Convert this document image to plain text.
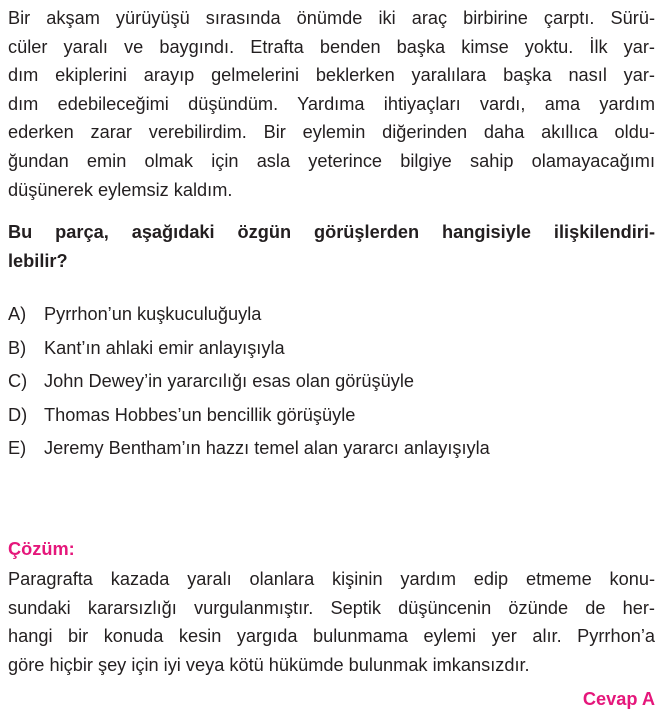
Bir akşam yürüyüşü sırasında önümde iki araç birbirine çarptı. Sürü-
cüler yaralı ve baygındı. Etrafta benden başka kimse yoktu. İlk yar-
dım ekiplerini arayıp gelmelerini beklerken yaralılara başka nasıl yar-
dım edebileceğimi düşündüm. Yardıma ihtiyaçları vardı, ama yardım
ederken zarar verebilirdim. Bir eylemin diğerinden daha akıllıca oldu-
ğundan emin olmak için asla yeterince bilgiye sahip olamayacağımı
düşünerek eylemsiz kaldım.
Bu parça, aşağıdaki özgün görüşlerden hangisiyle ilişkilendiri-
lebilir?
A) Pyrrhon’un kuşkuculuğuyla
B) Kant’ın ahlaki emir anlayışıyla
C) John Dewey’in yararcılığı esas olan görüşüyle
D) Thomas Hobbes’un bencillik görüşüyle
E) Jeremy Bentham’ın hazzı temel alan yararcı anlayışıyla

Çözüm:

Paragrafta kazada yaralı olanlara kişinin yardım edip etmeme konu-
sundaki kararsızlığı vurgulanmıştır. Septik düşüncenin özünde de her-
hangi bir konuda kesin yargıda bulunmama eylemi yer alır. Pyrrhon’a
göre hiçbir şey için iyi veya kötü hükümde bulunmak imkansızdır.

Cevap A
